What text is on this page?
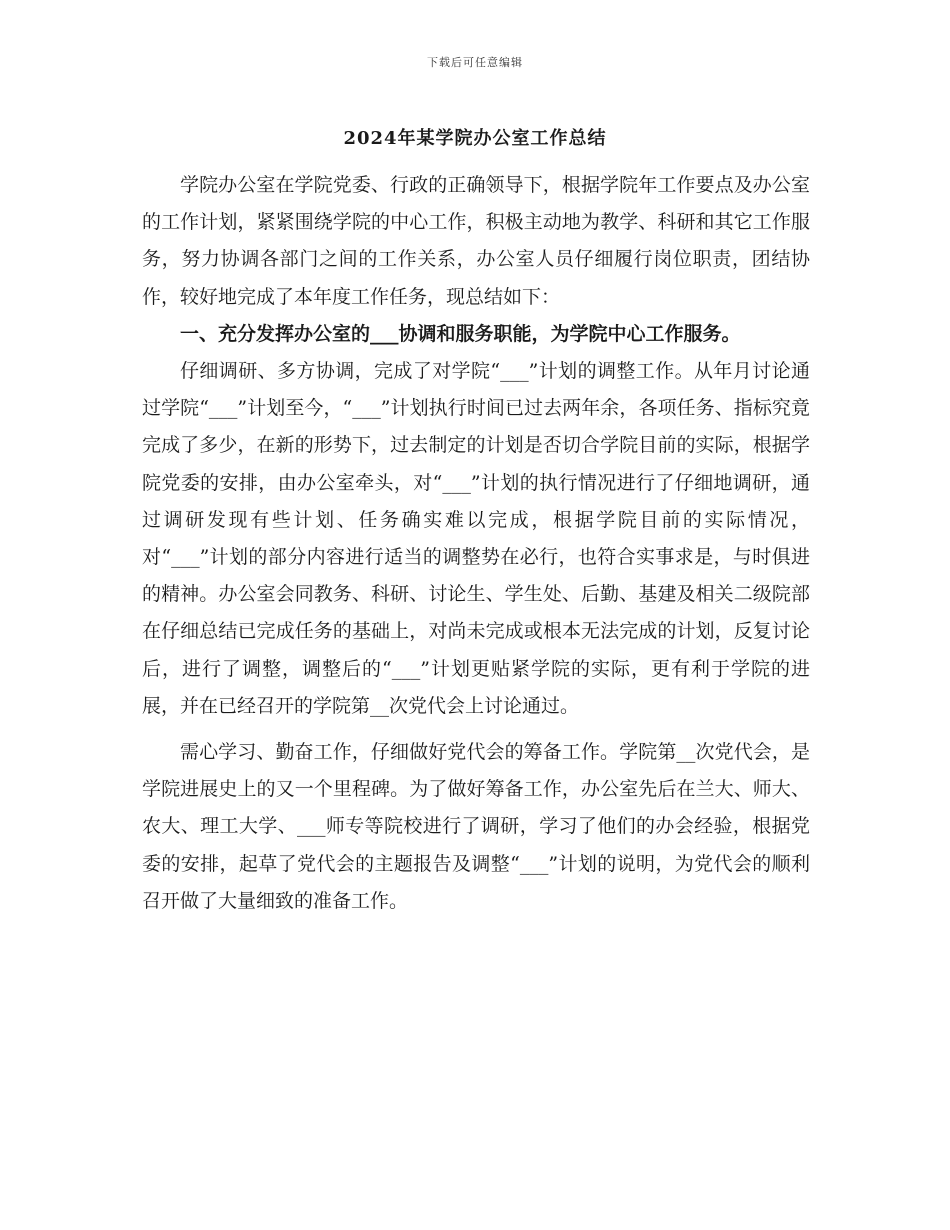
下载后可任意编辑
2024年某学院办公室工作总结

学院办公室在学院党委、行政的正确领导下，根据学院年工作要点及办公室的工作计划，紧紧围绕学院的中心工作，积极主动地为教学、科研和其它工作服务，努力协调各部门之间的工作关系，办公室人员仔细履行岗位职责，团结协作，较好地完成了本年度工作任务，现总结如下：

一、充分发挥办公室的___协调和服务职能，为学院中心工作服务。

仔细调研、多方协调，完成了对学院“___”计划的调整工作。从年月讨论通过学院“___”计划至今，“___”计划执行时间已过去两年余，各项任务、指标究竟完成了多少，在新的形势下，过去制定的计划是否切合学院目前的实际，根据学院党委的安排，由办公室牵头，对“___”计划的执行情况进行了仔细地调研，通过调研发现有些计划、任务确实难以完成，根据学院目前的实际情况，对“___”计划的部分内容进行适当的调整势在必行，也符合实事求是，与时俱进的精神。办公室会同教务、科研、讨论生、学生处、后勤、基建及相关二级院部在仔细总结已完成任务的基础上，对尚未完成或根本无法完成的计划，反复讨论后，进行了调整，调整后的“___”计划更贴紧学院的实际，更有利于学院的进展，并在已经召开的学院第__次党代会上讨论通过。

需心学习、勤奋工作，仔细做好党代会的筹备工作。学院第__次党代会，是学院进展史上的又一个里程碑。为了做好筹备工作，办公室先后在兰大、师大、农大、理工大学、___师专等院校进行了调研，学习了他们的办会经验，根据党委的安排，起草了党代会的主题报告及调整“___”计划的说明，为党代会的顺利召开做了大量细致的准备工作。
